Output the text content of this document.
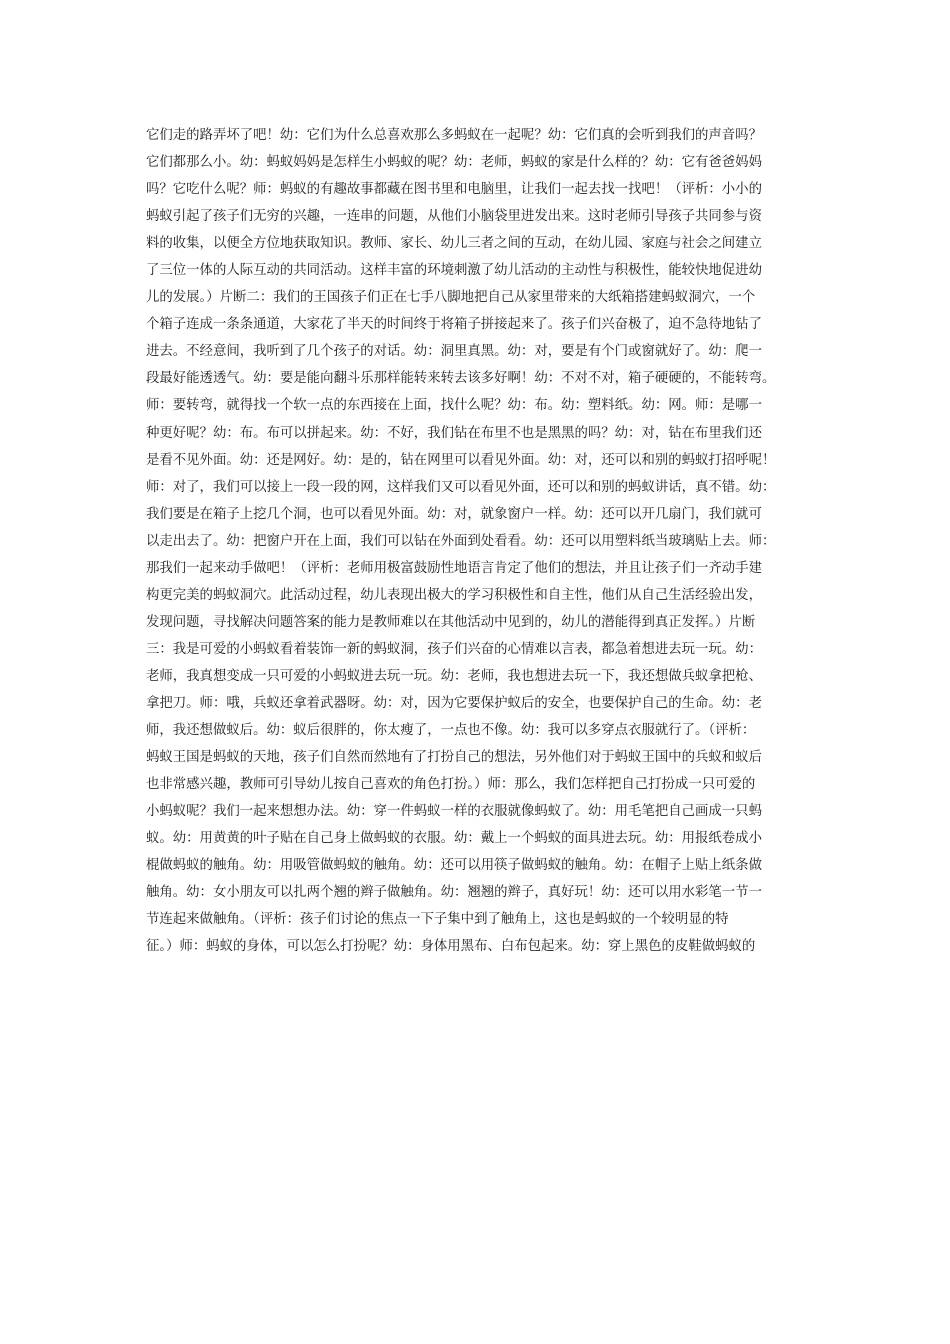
它们走的路弄坏了吧！幼：它们为什么总喜欢那么多蚂蚁在一起呢？幼：它们真的会听到我们的声音吗？
它们都那么小。幼：蚂蚁妈妈是怎样生小蚂蚁的呢？幼：老师，蚂蚁的家是什么样的？幼：它有爸爸妈妈
吗？它吃什么呢？师：蚂蚁的有趣故事都藏在图书里和电脑里，让我们一起去找一找吧！（评析：小小的
蚂蚁引起了孩子们无穷的兴趣，一连串的问题，从他们小脑袋里进发出来。这时老师引导孩子共同参与资
料的收集，以便全方位地获取知识。教师、家长、幼儿三者之间的互动，在幼儿园、家庭与社会之间建立
了三位一体的人际互动的共同活动。这样丰富的环境刺激了幼儿活动的主动性与积极性，能较快地促进幼
儿的发展。）片断二：我们的王国孩子们正在七手八脚地把自己从家里带来的大纸箱搭建蚂蚁洞穴，一个
个箱子连成一条条通道，大家花了半天的时间终于将箱子拼接起来了。孩子们兴奋极了，迫不急待地钻了
进去。不经意间，我听到了几个孩子的对话。幼：洞里真黑。幼：对，要是有个门或窗就好了。幼：爬一
段最好能透透气。幼：要是能向翻斗乐那样能转来转去该多好啊！幼：不对不对，箱子硬硬的，不能转弯。
师：要转弯，就得找一个软一点的东西接在上面，找什么呢？幼：布。幼：塑料纸。幼：网。师：是哪一
种更好呢？幼：布。布可以拼起来。幼：不好，我们钻在布里不也是黑黑的吗？幼：对，钻在布里我们还
是看不见外面。幼：还是网好。幼：是的，钻在网里可以看见外面。幼：对，还可以和别的蚂蚁打招呼呢！
师：对了，我们可以接上一段一段的网，这样我们又可以看见外面，还可以和别的蚂蚁讲话，真不错。幼：
我们要是在箱子上挖几个洞，也可以看见外面。幼：对，就象窗户一样。幼：还可以开几扇门，我们就可
以走出去了。幼：把窗户开在上面，我们可以钻在外面到处看看。幼：还可以用塑料纸当玻璃贴上去。师：
那我们一起来动手做吧！（评析：老师用极富鼓励性地语言肯定了他们的想法，并且让孩子们一齐动手建
构更完美的蚂蚁洞穴。此活动过程，幼儿表现出极大的学习积极性和自主性，他们从自己生活经验出发，
发现问题，寻找解决问题答案的能力是教师难以在其他活动中见到的，幼儿的潜能得到真正发挥。）片断
三：我是可爱的小蚂蚁看着装饰一新的蚂蚁洞，孩子们兴奋的心情难以言表，都急着想进去玩一玩。幼：
老师，我真想变成一只可爱的小蚂蚁进去玩一玩。幼：老师，我也想进去玩一下，我还想做兵蚁拿把枪、
拿把刀。师：哦，兵蚁还拿着武器呀。幼：对，因为它要保护蚁后的安全，也要保护自己的生命。幼：老
师，我还想做蚁后。幼：蚁后很胖的，你太瘦了，一点也不像。幼：我可以多穿点衣服就行了。（评析：
蚂蚁王国是蚂蚁的天地，孩子们自然而然地有了打扮自己的想法，另外他们对于蚂蚁王国中的兵蚁和蚁后
也非常感兴趣，教师可引导幼儿按自己喜欢的角色打扮。）师：那么，我们怎样把自己打扮成一只可爱的
小蚂蚁呢？我们一起来想想办法。幼：穿一件蚂蚁一样的衣服就像蚂蚁了。幼：用毛笔把自己画成一只蚂
蚁。幼：用黄黄的叶子贴在自己身上做蚂蚁的衣服。幼：戴上一个蚂蚁的面具进去玩。幼：用报纸卷成小
棍做蚂蚁的触角。幼：用吸管做蚂蚁的触角。幼：还可以用筷子做蚂蚁的触角。幼：在帽子上贴上纸条做
触角。幼：女小朋友可以扎两个翘的辫子做触角。幼：翘翘的辫子，真好玩！幼：还可以用水彩笔一节一
节连起来做触角。（评析：孩子们讨论的焦点一下子集中到了触角上，这也是蚂蚁的一个较明显的特
征。）师：蚂蚁的身体，可以怎么打扮呢？幼：身体用黑布、白布包起来。幼：穿上黑色的皮鞋做蚂蚁的
